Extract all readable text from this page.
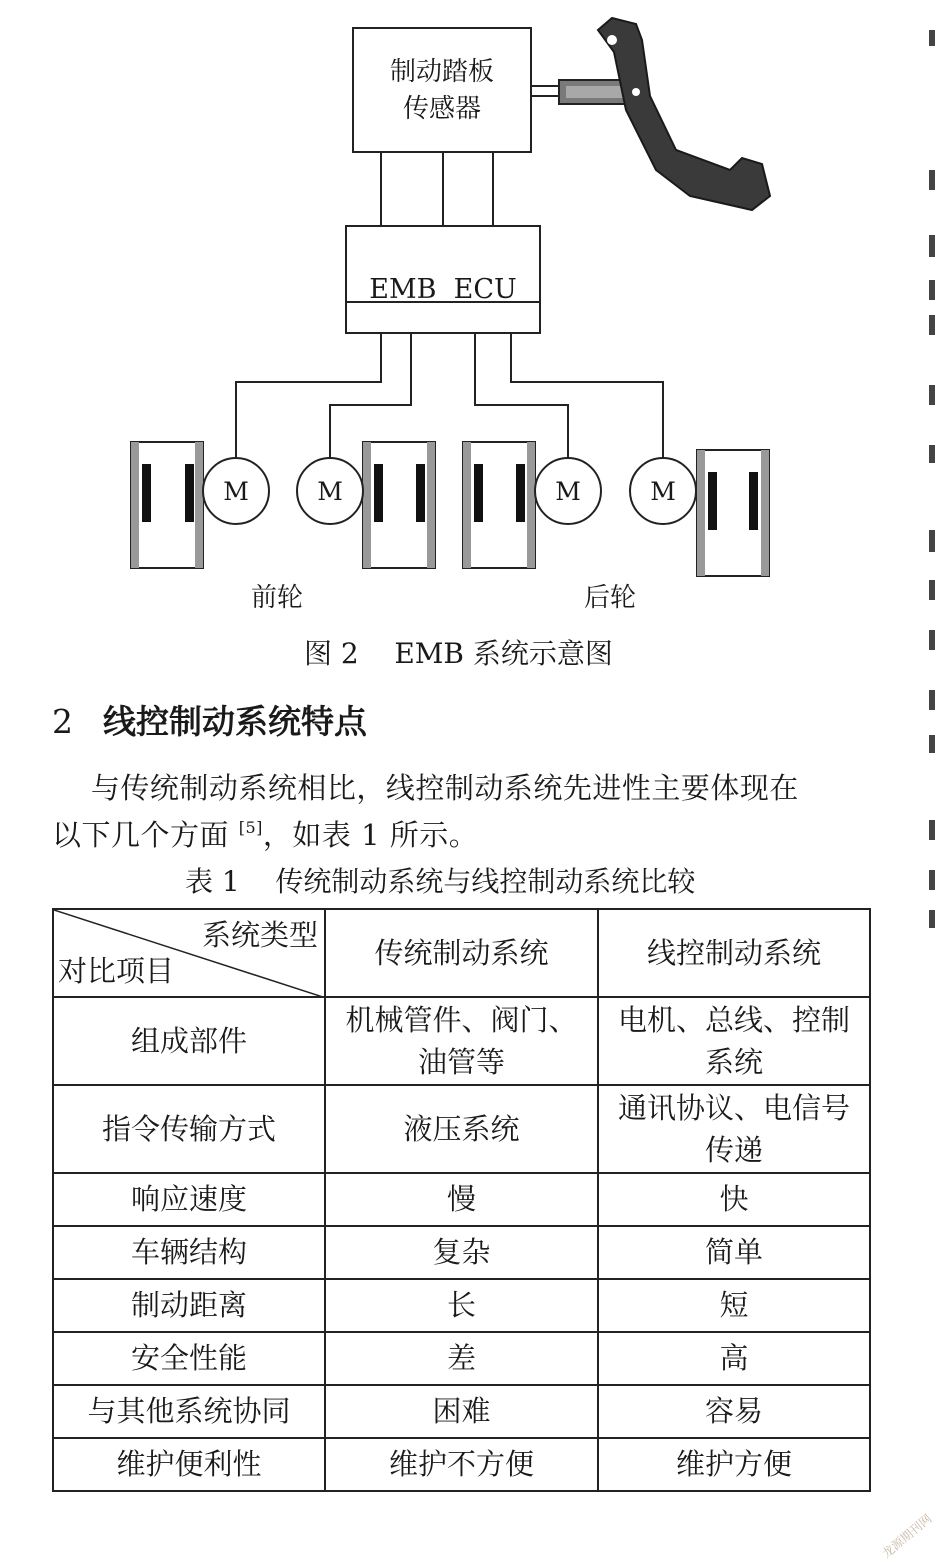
制动踏板
传感器
EMB  ECU
M	M	M	M
前轮	后轮
图 2    EMB 系统示意图
2 线控制动系统特点
与传统制动系统相比，线控制动系统先进性主要体现在
以下几个方面 [5]，如表 1 所示。
表 1    传统制动系统与线控制动系统比较
系统类型
对比项目	传统制动系统	线控制动系统
组成部件	机械管件、阀门、油管等	电机、总线、控制系统
指令传输方式	液压系统	通讯协议、电信号传递
响应速度	慢	快
车辆结构	复杂	简单
制动距离	长	短
安全性能	差	高
与其他系统协同	困难	容易
维护便利性	维护不方便	维护方便
龙源期刊网
